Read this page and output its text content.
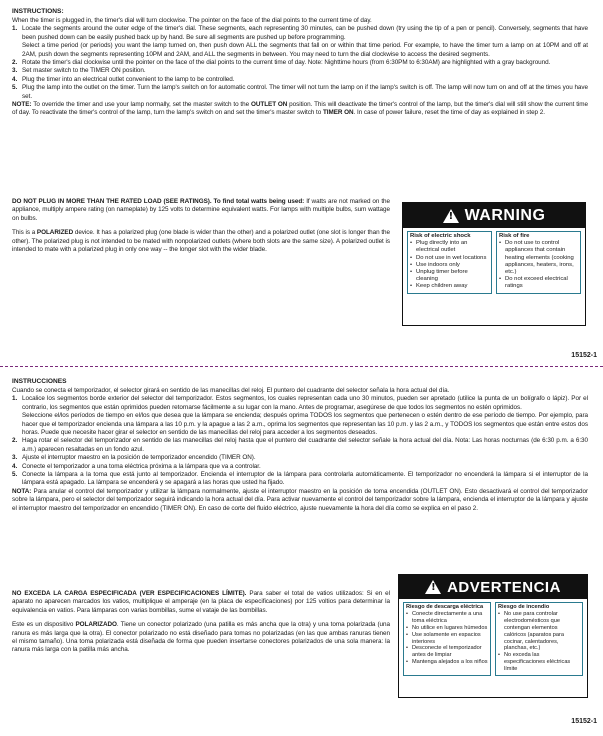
INSTRUCTIONS:

When the timer is plugged in, the timer's dial will turn clockwise. The pointer on the face of the dial points to the current time of day.

1. Locate the segments around the outer edge of the timer's dial. These segments, each representing 30 minutes, can be pushed down (try using the tip of a pen or pencil). Conversely, segments that have been pushed down can be easily pushed back up by hand. Be sure all segments are pushed up before programming.
Select a time period (or periods) you want the lamp turned on, then push down ALL the segments that fall on or within that time period. For example, to have the timer turn a lamp on at 10PM and off at 2AM, push down the segments representing 10PM and 2AM, and ALL the segments in between. You may need to turn the dial clockwise to access the desired segments.
2. Rotate the timer's dial clockwise until the pointer on the face of the dial points to the current time of day. Note: Nighttime hours (from 6:30PM to 6:30AM) are highlighted with a gray background.
3. Set master switch to the TIMER ON position.
4. Plug the timer into an electrical outlet convenient to the lamp to be controlled.
5. Plug the lamp into the outlet on the timer. Turn the lamp's switch on for automatic control. The timer will not turn the lamp on if the lamp's switch is off. The lamp will now turn on and off at the times you have set.

NOTE: To override the timer and use your lamp normally, set the master switch to the OUTLET ON position. This will deactivate the timer's control of the lamp, but the timer's dial will still show the current time of day. To reactivate the timer's control of the lamp, turn the lamp's switch on and set the timer's master switch to TIMER ON. In case of power failure, reset the time of day as explained in step 2.

DO NOT PLUG IN MORE THAN THE RATED LOAD (SEE RATINGS). To find total watts being used: If watts are not marked on the appliance, multiply ampere rating (on nameplate) by 125 volts to determine equivalent watts. For lamps with multiple bulbs, sum wattage on bulbs.

This is a POLARIZED device. It has a polarized plug (one blade is wider than the other) and a polarized outlet (one slot is longer than the other). The polarized plug is not intended to be mated with nonpolarized outlets (where both slots are the same size). A polarized outlet is intended to mate with a polarized plug in only one way -- the longer slot with the wider blade.

!
WARNING
Risk of electric shock
• Plug directly into an electrical outlet
• Do not use in wet locations
• Use indoors only
• Unplug timer before cleaning
• Keep children away
Risk of fire
• Do not use to control appliances that contain heating elements (cooking appliances, heaters, irons, etc.)
• Do not exceed electrical ratings
15152-1
INSTRUCCIONES

Cuando se conecta el temporizador, el selector girará en sentido de las manecillas del reloj. El puntero del cuadrante del selector señala la hora actual del día.

1. Localice los segmentos borde exterior del selector del temporizador. Estos segmentos, los cuales representan cada uno 30 minutos, pueden ser apretado (utilice la punta de un bolígrafo o lápiz). Por el contrario, los segmentos que están oprimidos pueden retornarse fácilmente a su lugar con la mano. Antes de programar, asegúrese de que todos los segmentos no estén oprimidos.
Seleccione el/los períodos de tiempo en el/los que desea que la lámpara se encienda; después oprima TODOS los segmentos que pertenecen o estén dentro de ese período de tiempo. Por ejemplo, para hacer que el temporizador encienda una lámpara a las 10 p.m. y la apague a las 2 a.m., oprima los segmentos que representan las 10 p.m. y las 2 a.m., y TODOS los segmentos que están entre estos dos horas. Puede que necesite hacer girar el selector en sentido de las manecillas del reloj para acceder a los segmentos deseados.
2. Haga rotar el selector del temporizador en sentido de las manecillas del reloj hasta que el puntero del cuadrante del selector señale la hora actual del día. Nota: Las horas nocturnas (de 6:30 p.m. a 6:30 a.m.) aparecen resaltadas en un fondo azul.
3. Ajuste el interruptor maestro en la posición de temporizador encendido (TIMER ON).
4. Conecte el temporizador a una toma eléctrica próxima a la lámpara que va a controlar.
5. Conecte la lámpara a la toma que está junto al temporizador. Encienda el interruptor de la lámpara para controlarla automáticamente. El temporizador no encenderá la lámpara si el interruptor de la lámpara está apagado. La lámpara se encenderá y se apagará a las horas que usted ha fijado.

NOTA: Para anular el control del temporizador y utilizar la lámpara normalmente, ajuste el interruptor maestro en la posición de toma encendida (OUTLET ON). Esto desactivará el control del temporizador sobre la lámpara, pero el selector del temporizador seguirá indicando la hora actual del día. Para activar nuevamente el control del temporizador sobre la lámpara, encienda el interruptor de la lámpara y ajuste el interruptor maestro del temporizador en encendido (TIMER ON). En caso de corte del fluido eléctrico, ajuste nuevamente la hora del día como se explica en el paso 2.

NO EXCEDA LA CARGA ESPECIFICADA (VER ESPECIFICACIONES LÍMITE). Para saber el total de vatios utilizados: Si en el aparato no aparecen marcados los vatios, multiplique el amperaje (en la placa de especificaciones) por 125 voltios para determinar la equivalencia en vatios. Para lámparas con varias bombillas, sume el vataje de las bombillas.

Este es un dispositivo POLARIZADO. Tiene un conector polarizado (una patilla es más ancha que la otra) y una toma polarizada (una ranura es más larga que la otra). El conector polarizado no está diseñado para tomas no polarizadas (en las que ambas ranuras tienen el mismo tamaño). Una toma polarizada está diseñada de forma que pueden insertarse conectores polarizados de una sola manera: la ranura más larga con la patilla más ancha.

!
ADVERTENCIA
Riesgo de descarga eléctrica
• Conecte directamente a una toma eléctrica
• No utilice en lugares húmedos
• Use solamente en espacios interiores
• Desconecte el temporizador antes de limpiar
• Mantenga alejados a los niños
Riesgo de incendio
• No use para controlar electrodomésticos que contengan elementos calóricos (aparatos para cocinar, calentadores, planchas, etc.)
• No exceda las especificaciones eléctricas límite
15152-1
